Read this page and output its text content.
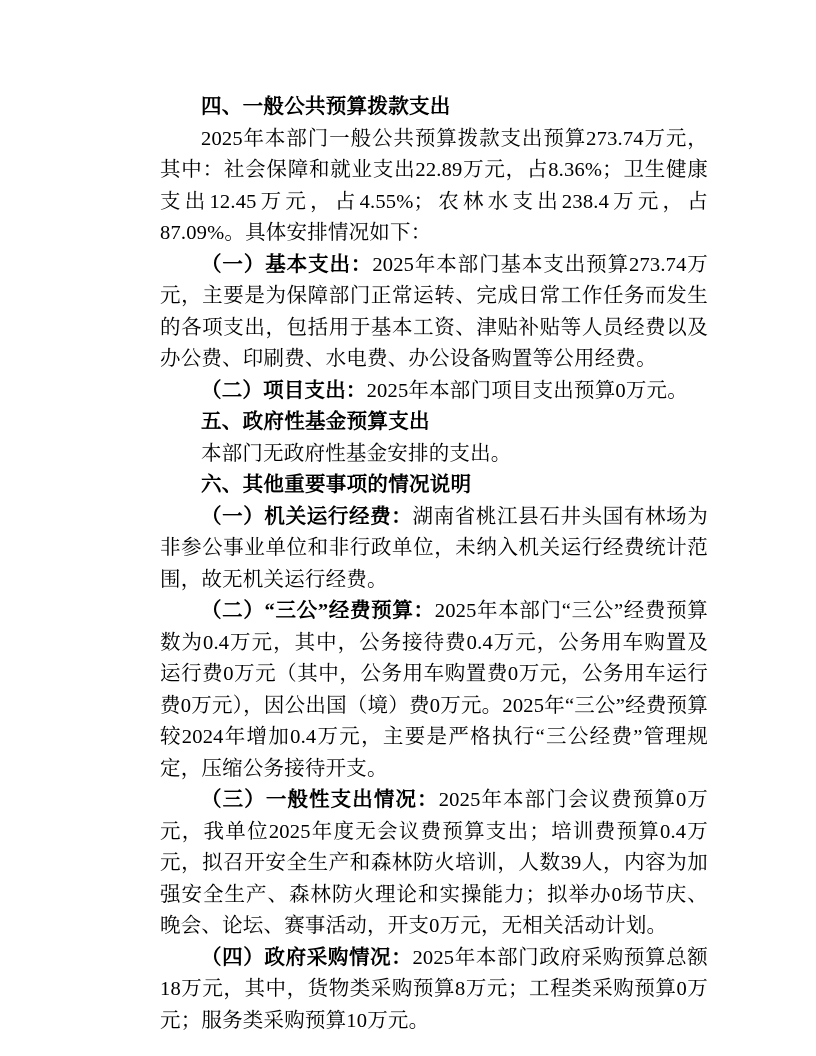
四、一般公共预算拨款支出

2025年本部门一般公共预算拨款支出预算273.74万元，其中：社会保障和就业支出22.89万元，占8.36%；卫生健康支出12.45万元，占4.55%；农林水支出238.4万元，占87.09%。具体安排情况如下：

（一）基本支出：2025年本部门基本支出预算273.74万元，主要是为保障部门正常运转、完成日常工作任务而发生的各项支出，包括用于基本工资、津贴补贴等人员经费以及办公费、印刷费、水电费、办公设备购置等公用经费。

（二）项目支出：2025年本部门项目支出预算0万元。

五、政府性基金预算支出

本部门无政府性基金安排的支出。

六、其他重要事项的情况说明

（一）机关运行经费：湖南省桃江县石井头国有林场为非参公事业单位和非行政单位，未纳入机关运行经费统计范围，故无机关运行经费。

（二）“三公”经费预算：2025年本部门“三公”经费预算数为0.4万元，其中，公务接待费0.4万元，公务用车购置及运行费0万元（其中，公务用车购置费0万元，公务用车运行费0万元），因公出国（境）费0万元。2025年“三公”经费预算较2024年增加0.4万元，主要是严格执行“三公经费”管理规定，压缩公务接待开支。

（三）一般性支出情况：2025年本部门会议费预算0万元，我单位2025年度无会议费预算支出；培训费预算0.4万元，拟召开安全生产和森林防火培训，人数39人，内容为加强安全生产、森林防火理论和实操能力；拟举办0场节庆、晚会、论坛、赛事活动，开支0万元，无相关活动计划。

（四）政府采购情况：2025年本部门政府采购预算总额18万元，其中，货物类采购预算8万元；工程类采购预算0万元；服务类采购预算10万元。
